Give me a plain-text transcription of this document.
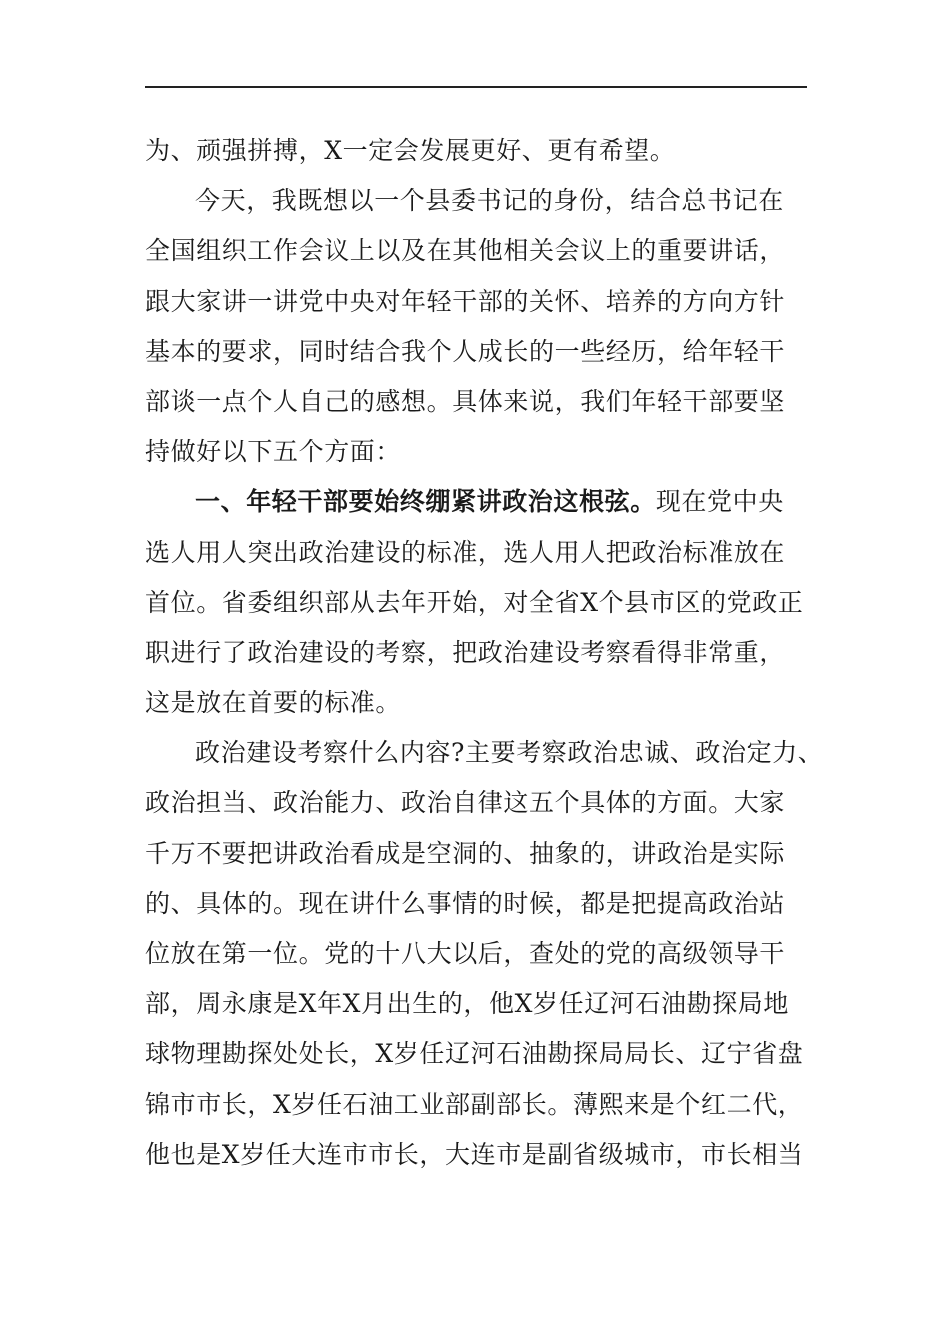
为、顽强拼搏，X一定会发展更好、更有希望。
今天，我既想以一个县委书记的身份，结合总书记在
全国组织工作会议上以及在其他相关会议上的重要讲话，
跟大家讲一讲党中央对年轻干部的关怀、培养的方向方针
基本的要求，同时结合我个人成长的一些经历，给年轻干
部谈一点个人自己的感想。具体来说，我们年轻干部要坚
持做好以下五个方面：
一、年轻干部要始终绷紧讲政治这根弦。现在党中央
选人用人突出政治建设的标准，选人用人把政治标准放在
首位。省委组织部从去年开始，对全省X个县市区的党政正
职进行了政治建设的考察，把政治建设考察看得非常重，
这是放在首要的标准。
政治建设考察什么内容?主要考察政治忠诚、政治定力、
政治担当、政治能力、政治自律这五个具体的方面。大家
千万不要把讲政治看成是空洞的、抽象的，讲政治是实际
的、具体的。现在讲什么事情的时候，都是把提高政治站
位放在第一位。党的十八大以后，查处的党的高级领导干
部，周永康是X年X月出生的，他X岁任辽河石油勘探局地
球物理勘探处处长，X岁任辽河石油勘探局局长、辽宁省盘
锦市市长，X岁任石油工业部副部长。薄熙来是个红二代，
他也是X岁任大连市市长，大连市是副省级城市，市长相当
